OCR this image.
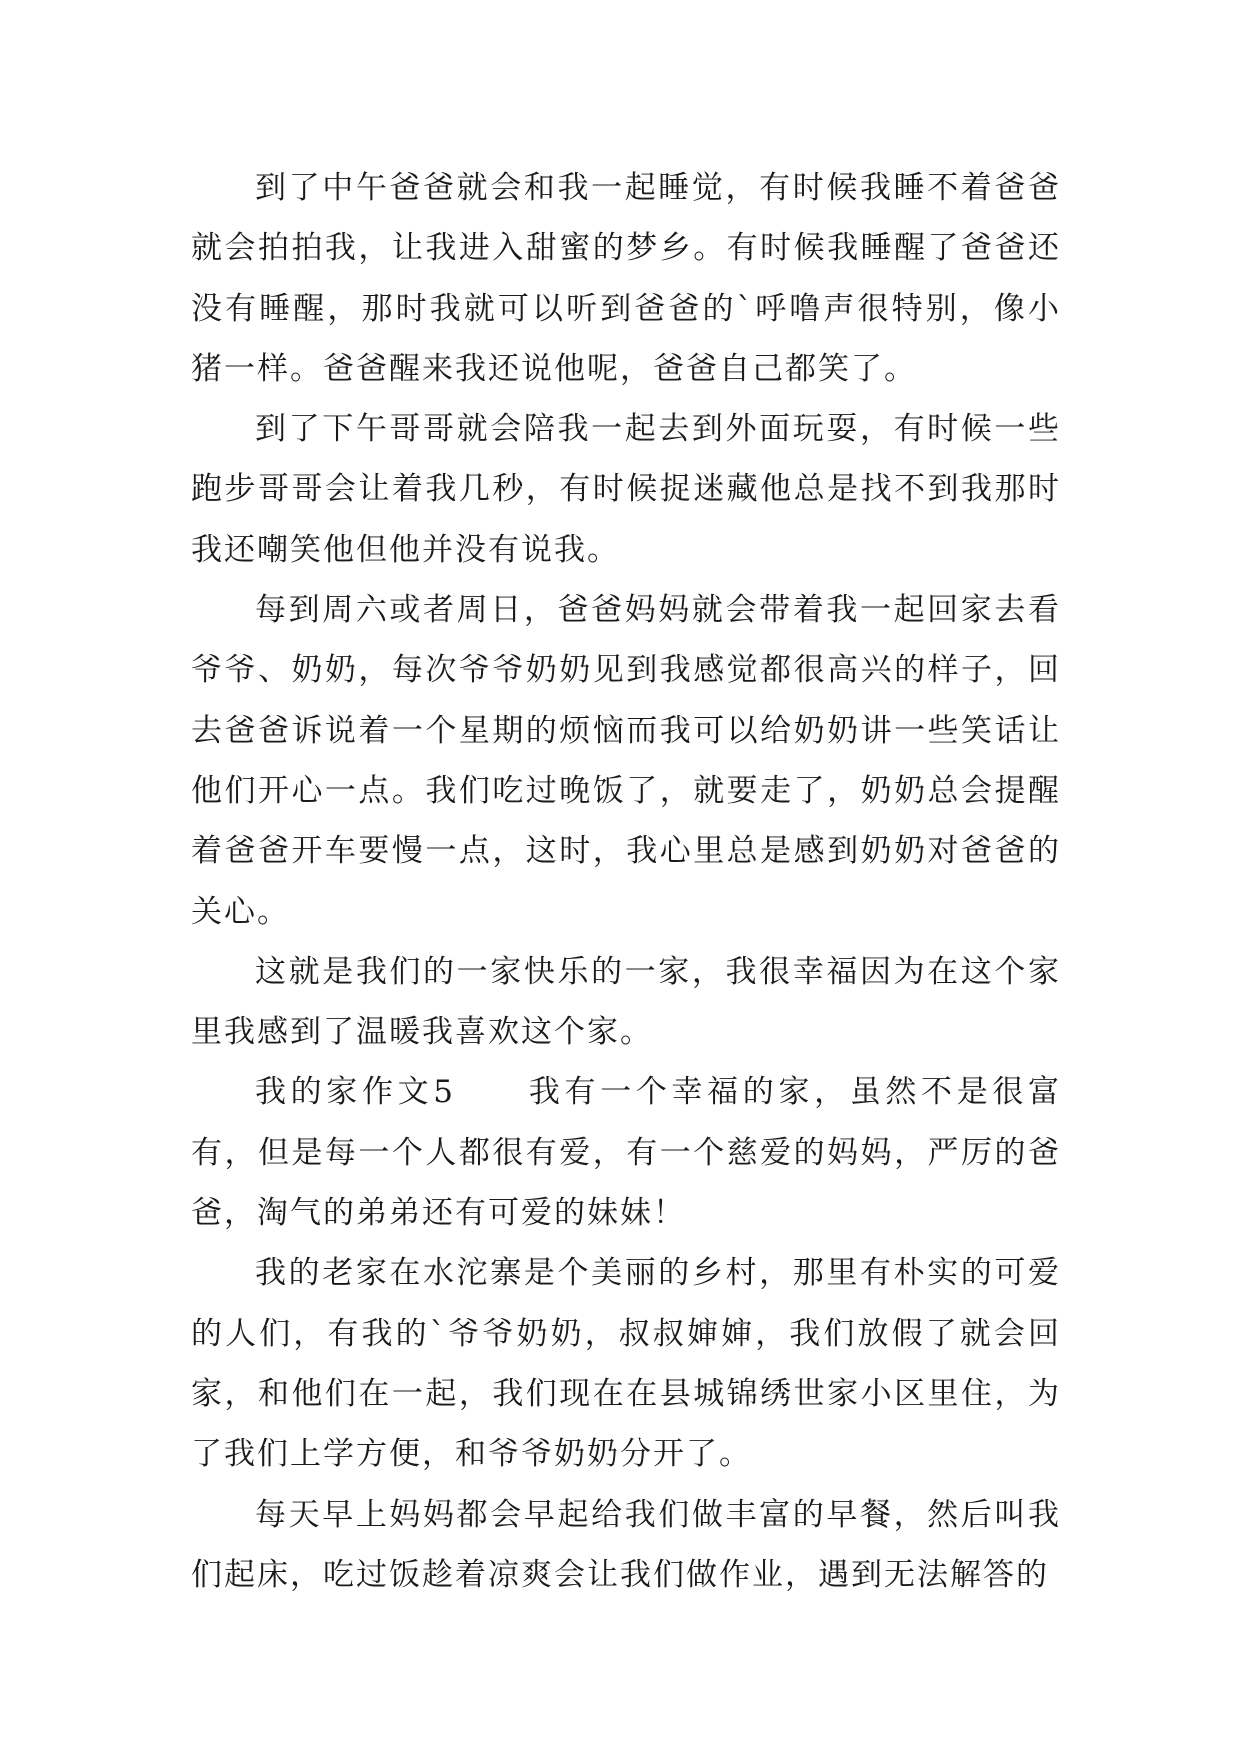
到了中午爸爸就会和我一起睡觉，有时候我睡不着爸爸就会拍拍我，让我进入甜蜜的梦乡。有时候我睡醒了爸爸还没有睡醒，那时我就可以听到爸爸的`呼噜声很特别，像小猪一样。爸爸醒来我还说他呢，爸爸自己都笑了。

到了下午哥哥就会陪我一起去到外面玩耍，有时候一些跑步哥哥会让着我几秒，有时候捉迷藏他总是找不到我那时我还嘲笑他但他并没有说我。

每到周六或者周日，爸爸妈妈就会带着我一起回家去看爷爷、奶奶，每次爷爷奶奶见到我感觉都很高兴的样子，回去爸爸诉说着一个星期的烦恼而我可以给奶奶讲一些笑话让他们开心一点。我们吃过晚饭了，就要走了，奶奶总会提醒着爸爸开车要慢一点，这时，我心里总是感到奶奶对爸爸的关心。

这就是我们的一家快乐的一家，我很幸福因为在这个家里我感到了温暖我喜欢这个家。

我的家作文5　　我有一个幸福的家，虽然不是很富有，但是每一个人都很有爱，有一个慈爱的妈妈，严厉的爸爸，淘气的弟弟还有可爱的妹妹！

我的老家在水沱寨是个美丽的乡村，那里有朴实的可爱的人们，有我的`爷爷奶奶，叔叔婶婶，我们放假了就会回家，和他们在一起，我们现在在县城锦绣世家小区里住，为了我们上学方便，和爷爷奶奶分开了。

每天早上妈妈都会早起给我们做丰富的早餐，然后叫我们起床，吃过饭趁着凉爽会让我们做作业，遇到无法解答的
